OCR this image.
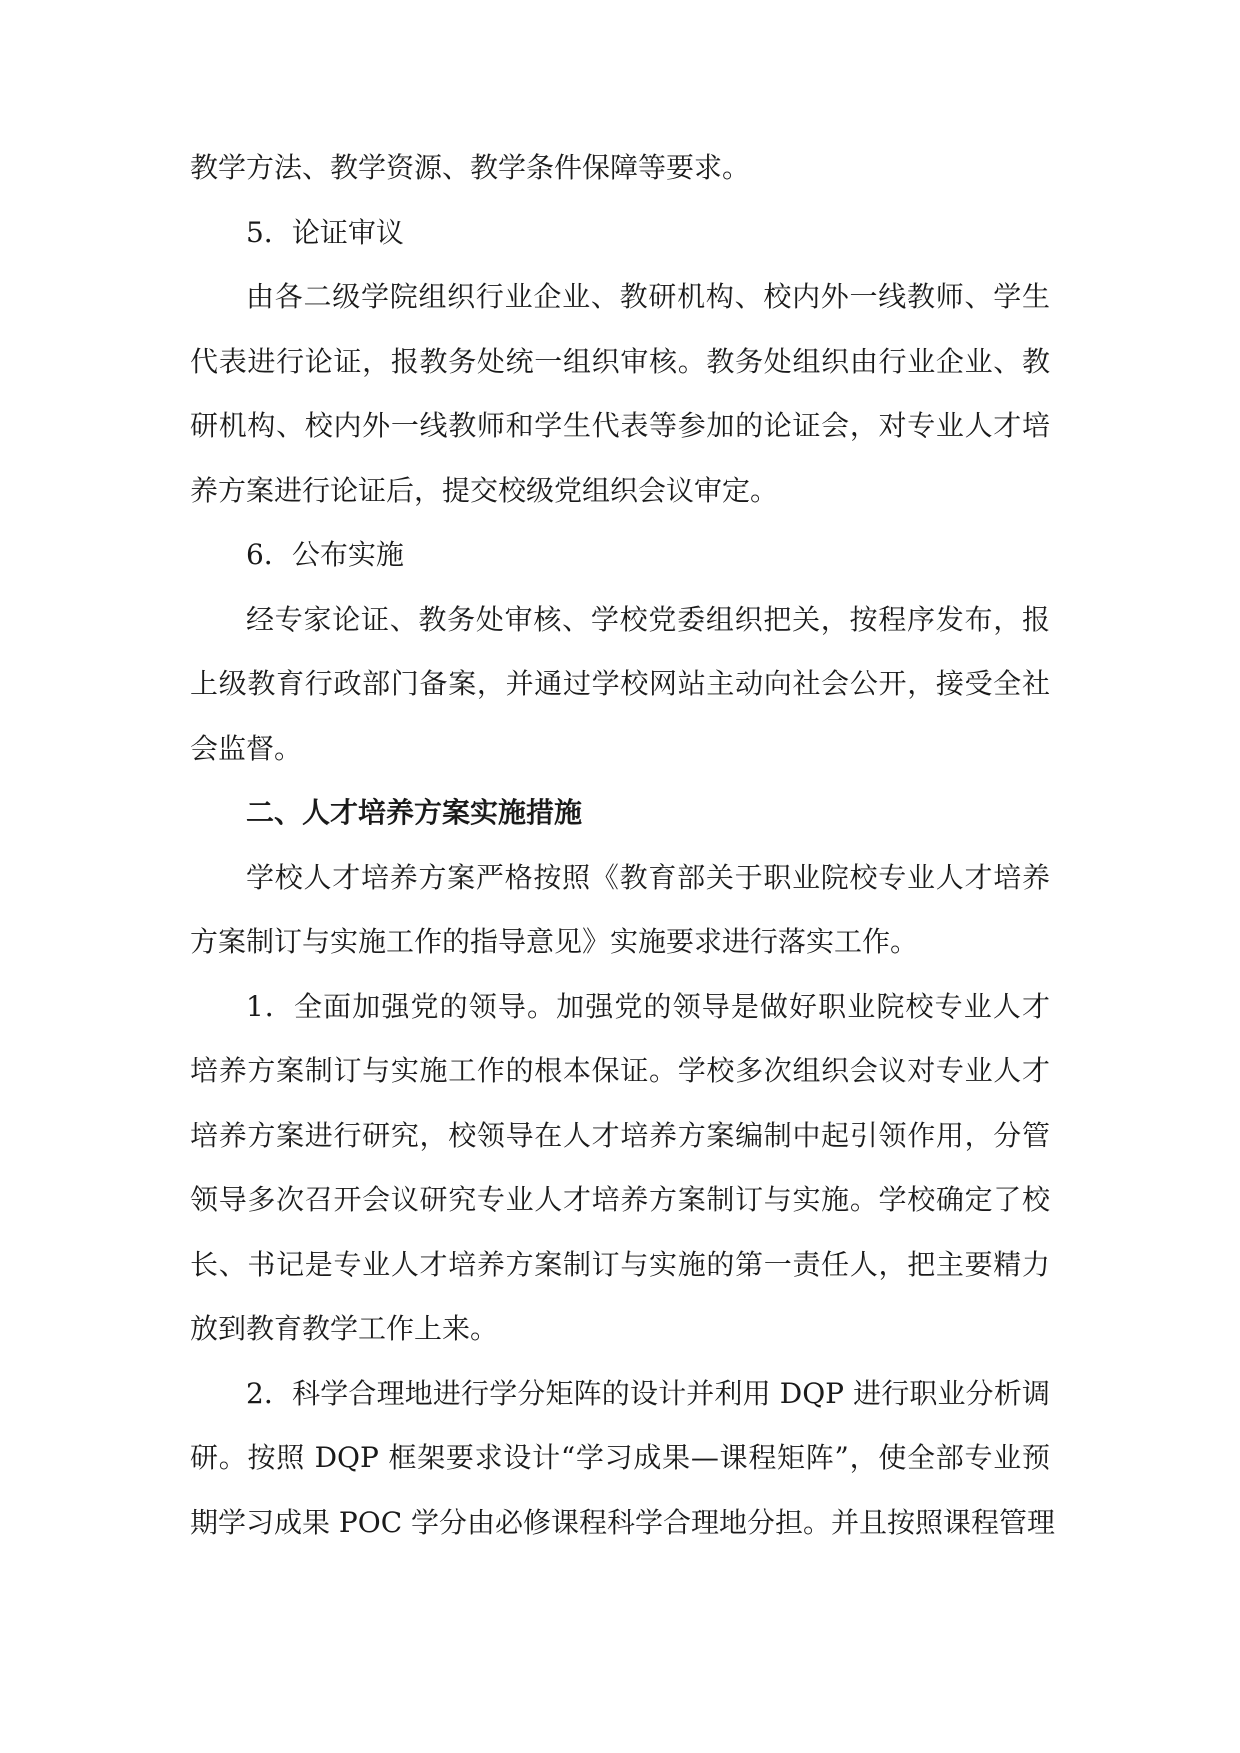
教学方法、教学资源、教学条件保障等要求。

5．论证审议

由各二级学院组织行业企业、教研机构、校内外一线教师、学生

代表进行论证，报教务处统一组织审核。教务处组织由行业企业、教

研机构、校内外一线教师和学生代表等参加的论证会，对专业人才培

养方案进行论证后，提交校级党组织会议审定。

6．公布实施

经专家论证、教务处审核、学校党委组织把关，按程序发布，报

上级教育行政部门备案，并通过学校网站主动向社会公开，接受全社

会监督。

二、人才培养方案实施措施

学校人才培养方案严格按照《教育部关于职业院校专业人才培养

方案制订与实施工作的指导意见》实施要求进行落实工作。

1．全面加强党的领导。加强党的领导是做好职业院校专业人才

培养方案制订与实施工作的根本保证。学校多次组织会议对专业人才

培养方案进行研究，校领导在人才培养方案编制中起引领作用，分管

领导多次召开会议研究专业人才培养方案制订与实施。学校确定了校

长、书记是专业人才培养方案制订与实施的第一责任人，把主要精力

放到教育教学工作上来。

2．科学合理地进行学分矩阵的设计并利用 DQP 进行职业分析调

研。按照 DQP 框架要求设计“学习成果—课程矩阵”，使全部专业预

期学习成果 POC 学分由必修课程科学合理地分担。并且按照课程管理
